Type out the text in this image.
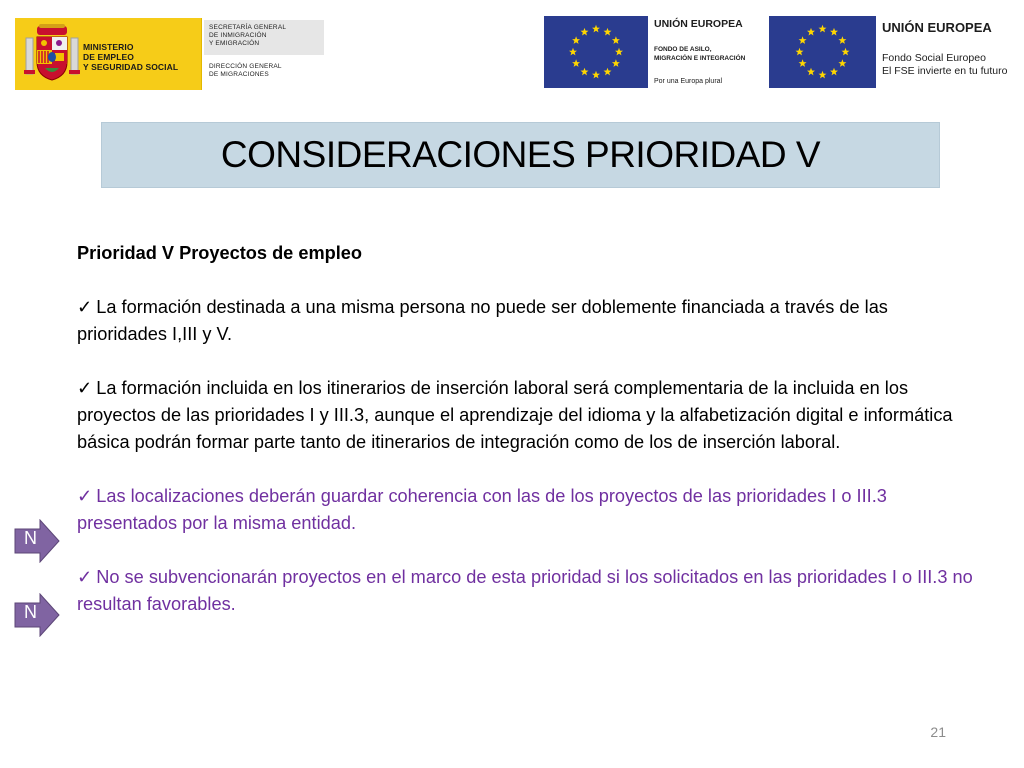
MINISTERIO
DE EMPLEO
Y SEGURIDAD SOCIAL
SECRETARÍA GENERAL
DE INMIGRACIÓN
Y EMIGRACIÓN
DIRECCIÓN GENERAL
DE MIGRACIONES
UNIÓN EUROPEA
FONDO DE ASILO,
MIGRACIÓN E INTEGRACIÓN
Por una Europa plural
UNIÓN EUROPEA
Fondo Social Europeo
El FSE invierte en tu futuro
CONSIDERACIONES PRIORIDAD V

Prioridad V Proyectos de empleo

✓ La formación destinada a una misma persona no puede ser doblemente financiada a través de las prioridades I,III y V.

✓ La formación incluida en los itinerarios de inserción laboral será complementaria de la incluida en los proyectos de las prioridades I y III.3, aunque el aprendizaje del idioma y la alfabetización digital e informática básica podrán formar parte tanto de itinerarios de integración como de los de inserción laboral.

✓ Las localizaciones deberán guardar coherencia con las de los proyectos de las prioridades I o III.3 presentados por la misma entidad.

✓ No se subvencionarán proyectos en el marco de esta prioridad si los solicitados en las prioridades I o III.3 no resultan favorables.

N
N
21
